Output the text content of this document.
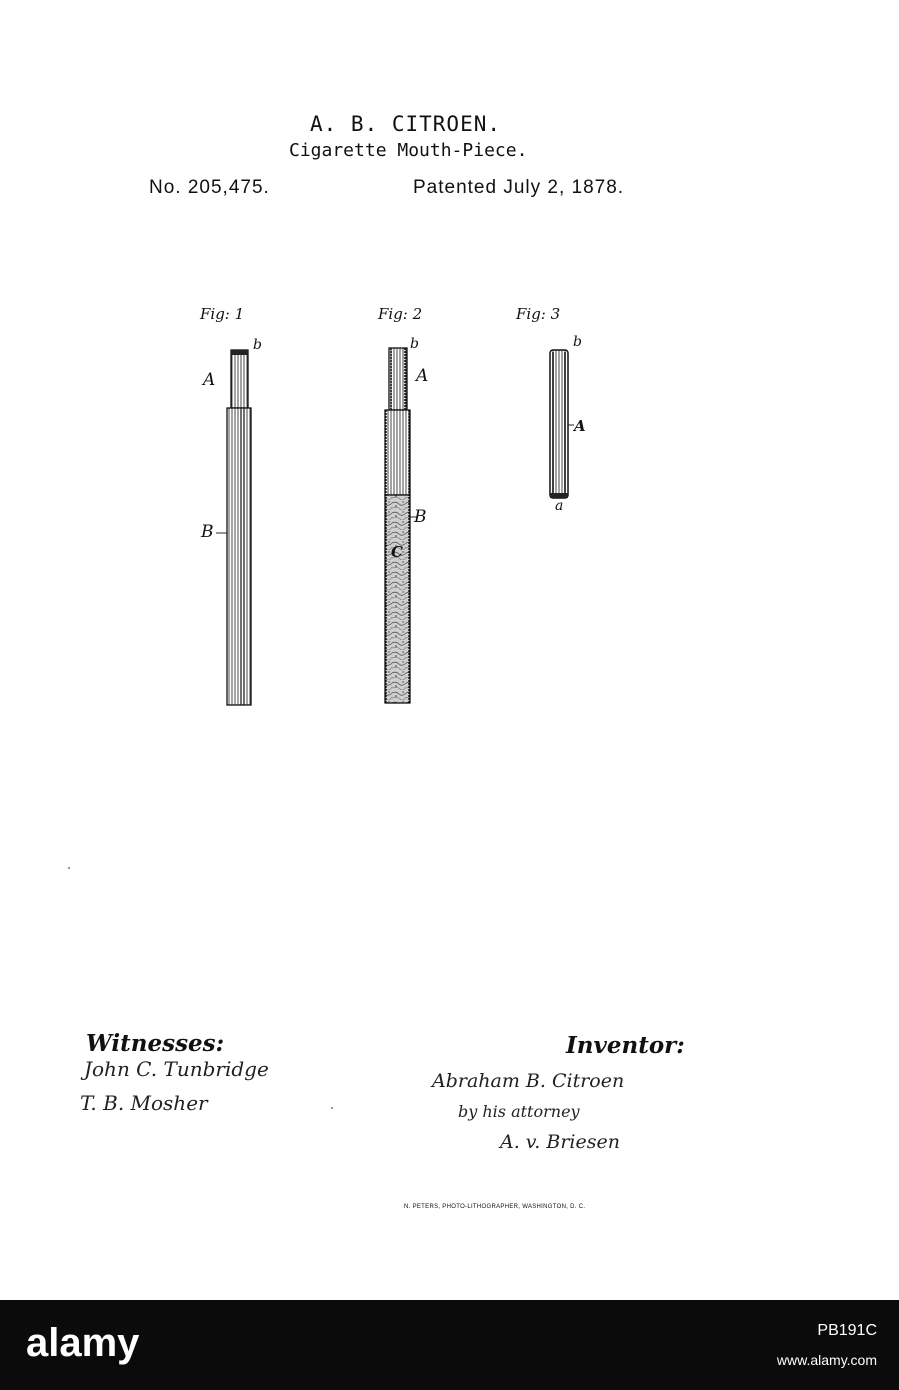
A. B. CITROEN.
Cigarette Mouth-Piece.
No. 205,475.	Patented July 2, 1878.
Fig: 1	Fig: 2	Fig: 3
b
A
B
b
A
B
C
b
A
a
Witnesses:
John C. Tunbridge
T. B. Mosher
Inventor:
Abraham B. Citroen
by his attorney
A. v. Briesen
N. PETERS, PHOTO-LITHOGRAPHER, WASHINGTON, D. C.
alamy	PB191C
www.alamy.com
